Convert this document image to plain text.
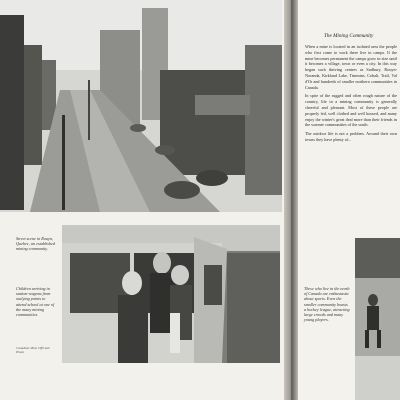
Street scene in Rouyn, Quebec, an established mining community.
Children arriving in station-wagons from outlying points to attend school at one of the many mining communities.
Canadian Mine Officials Photo
The Mining Community

When a mine is located in an isolated area the people who first come to work there live in camps. If the mine becomes permanent the camps grow in size until it becomes a village, town or even a city. In this way began such thriving centres as Sudbury, Rouyn-Noranda, Kirkland Lake, Timmins, Cobalt, Trail, Val d'Or and hundreds of smaller northern communities in Canada.

In spite of the rugged and often rough nature of the country, life in a mining community is generally cheerful and pleasant. Most of these people are properly fed, well clothed and well housed, and many enjoy the winter's great deal more than their friends in the warmer communities of the south.

The outdoor life is not a problem. Around their own towns they have plenty of...

These who live in the north of Canada are enthusiastic about sports. Even the smaller community boasts a hockey league, attracting large crowds and many young players.
